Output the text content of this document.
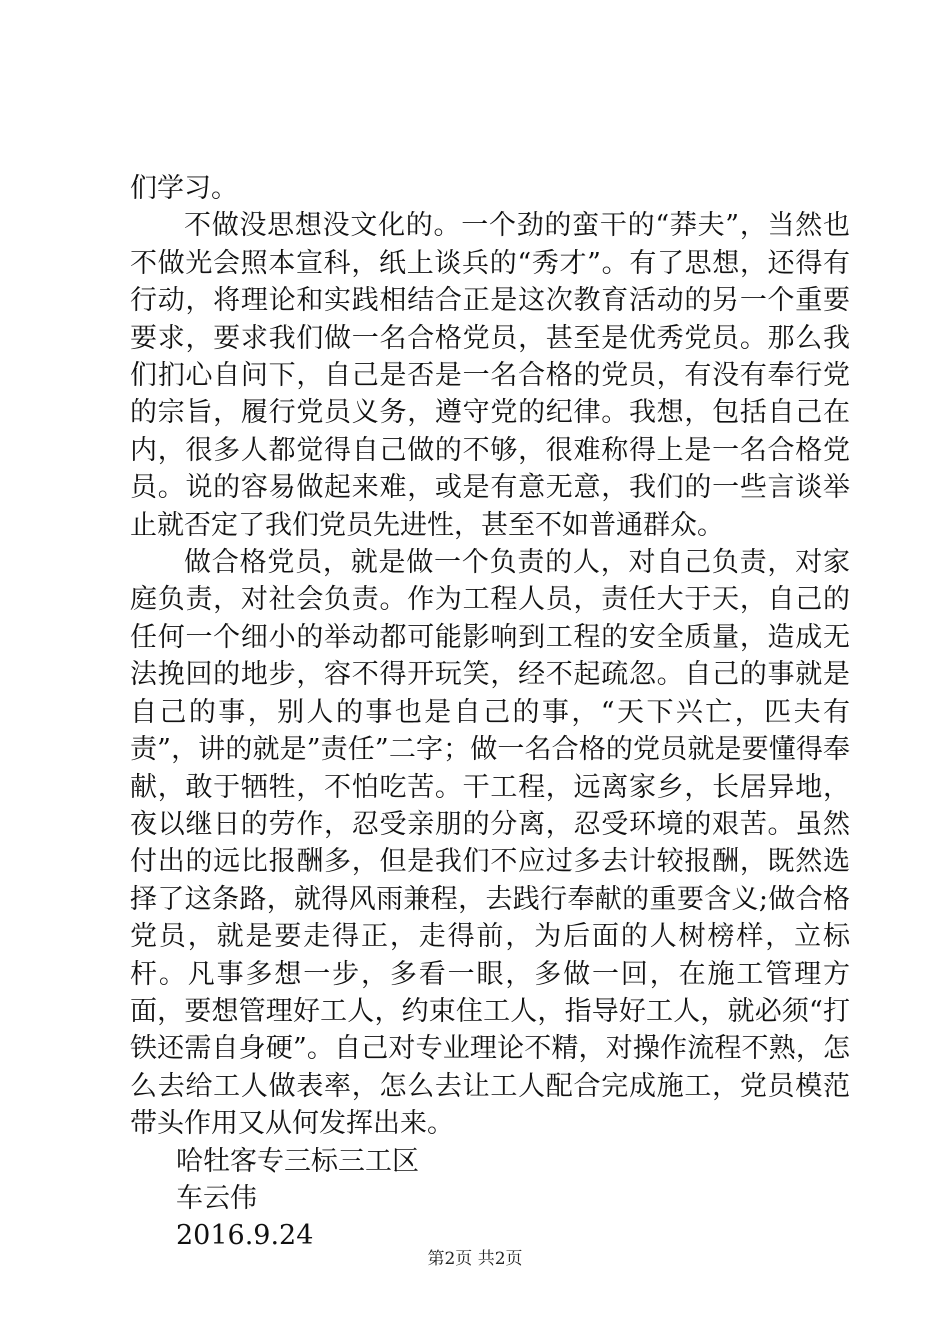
们学习。

不做没思想没文化的。一个劲的蛮干的“莽夫”，当然也不做光会照本宣科，纸上谈兵的“秀才”。有了思想，还得有行动，将理论和实践相结合正是这次教育活动的另一个重要要求，要求我们做一名合格党员，甚至是优秀党员。那么我们扪心自问下，自己是否是一名合格的党员，有没有奉行党的宗旨，履行党员义务，遵守党的纪律。我想，包括自己在内，很多人都觉得自己做的不够，很难称得上是一名合格党员。说的容易做起来难，或是有意无意，我们的一些言谈举止就否定了我们党员先进性，甚至不如普通群众。

做合格党员，就是做一个负责的人，对自己负责，对家庭负责，对社会负责。作为工程人员，责任大于天，自己的任何一个细小的举动都可能影响到工程的安全质量，造成无法挽回的地步，容不得开玩笑，经不起疏忽。自己的事就是自己的事，别人的事也是自己的事，“天下兴亡，匹夫有责”，讲的就是”责任”二字；做一名合格的党员就是要懂得奉献，敢于牺牲，不怕吃苦。干工程，远离家乡，长居异地，夜以继日的劳作，忍受亲朋的分离，忍受环境的艰苦。虽然付出的远比报酬多，但是我们不应过多去计较报酬，既然选择了这条路，就得风雨兼程，去践行奉献的重要含义;做合格党员，就是要走得正，走得前，为后面的人树榜样，立标杆。凡事多想一步，多看一眼，多做一回，在施工管理方面，要想管理好工人，约束住工人，指导好工人，就必须“打铁还需自身硬”。自己对专业理论不精，对操作流程不熟，怎么去给工人做表率，怎么去让工人配合完成施工，党员模范带头作用又从何发挥出来。

哈牡客专三标三工区

车云伟

2016.9.24

第2页 共2页
